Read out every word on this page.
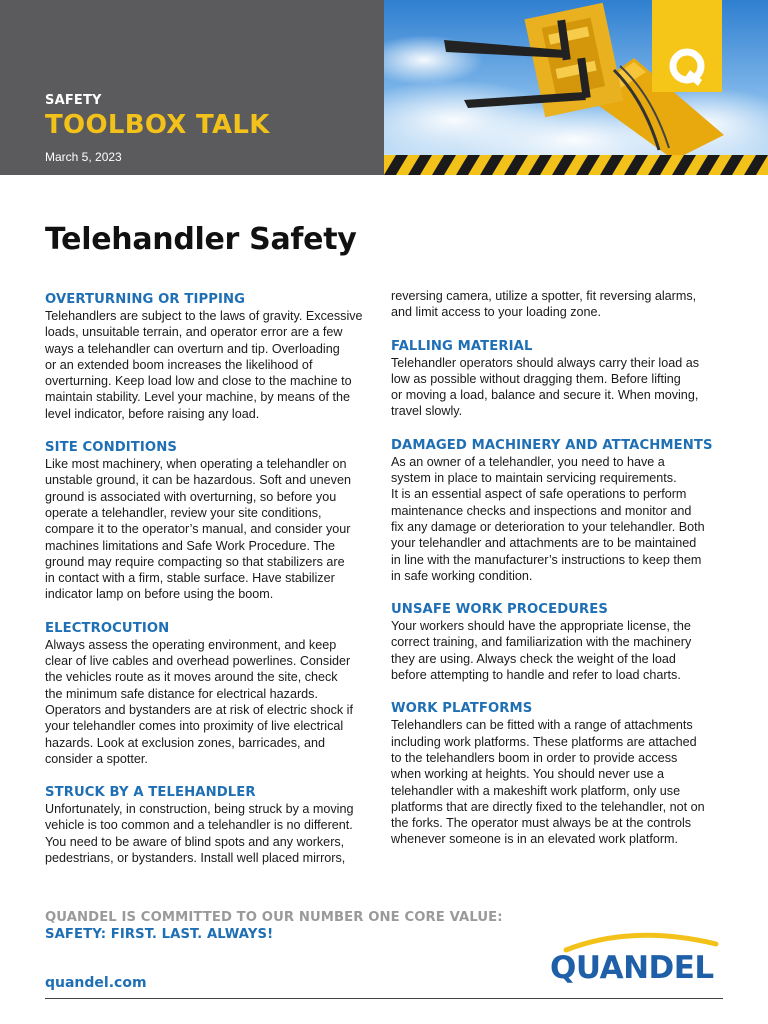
SAFETY
TOOLBOX TALK
March 5, 2023
Telehandler Safety
OVERTURNING OR TIPPING
Telehandlers are subject to the laws of gravity. Excessive
loads, unsuitable terrain, and operator error are a few
ways a telehandler can overturn and tip. Overloading
or an extended boom increases the likelihood of
overturning. Keep load low and close to the machine to
maintain stability. Level your machine, by means of the
level indicator, before raising any load.
SITE CONDITIONS
Like most machinery, when operating a telehandler on
unstable ground, it can be hazardous. Soft and uneven
ground is associated with overturning, so before you
operate a telehandler, review your site conditions,
compare it to the operator’s manual, and consider your
machines limitations and Safe Work Procedure. The
ground may require compacting so that stabilizers are
in contact with a firm, stable surface. Have stabilizer
indicator lamp on before using the boom.
ELECTROCUTION
Always assess the operating environment, and keep
clear of live cables and overhead powerlines. Consider
the vehicles route as it moves around the site, check
the minimum safe distance for electrical hazards.
Operators and bystanders are at risk of electric shock if
your telehandler comes into proximity of live electrical
hazards. Look at exclusion zones, barricades, and
consider a spotter.
STRUCK BY A TELEHANDLER
Unfortunately, in construction, being struck by a moving
vehicle is too common and a telehandler is no different.
You need to be aware of blind spots and any workers,
pedestrians, or bystanders. Install well placed mirrors,
reversing camera, utilize a spotter, fit reversing alarms,
and limit access to your loading zone.
FALLING MATERIAL
Telehandler operators should always carry their load as
low as possible without dragging them. Before lifting
or moving a load, balance and secure it. When moving,
travel slowly.
DAMAGED MACHINERY AND ATTACHMENTS
As an owner of a telehandler, you need to have a
system in place to maintain servicing requirements.
It is an essential aspect of safe operations to perform
maintenance checks and inspections and monitor and
fix any damage or deterioration to your telehandler. Both
your telehandler and attachments are to be maintained
in line with the manufacturer’s instructions to keep them
in safe working condition.
UNSAFE WORK PROCEDURES
Your workers should have the appropriate license, the
correct training, and familiarization with the machinery
they are using. Always check the weight of the load
before attempting to handle and refer to load charts.
WORK PLATFORMS
Telehandlers can be fitted with a range of attachments
including work platforms. These platforms are attached
to the telehandlers boom in order to provide access
when working at heights. You should never use a
telehandler with a makeshift work platform, only use
platforms that are directly fixed to the telehandler, not on
the forks. The operator must always be at the controls
whenever someone is in an elevated work platform.
QUANDEL IS COMMITTED TO OUR NUMBER ONE CORE VALUE:
SAFETY: FIRST. LAST. ALWAYS!
quandel.com	QUANDEL
